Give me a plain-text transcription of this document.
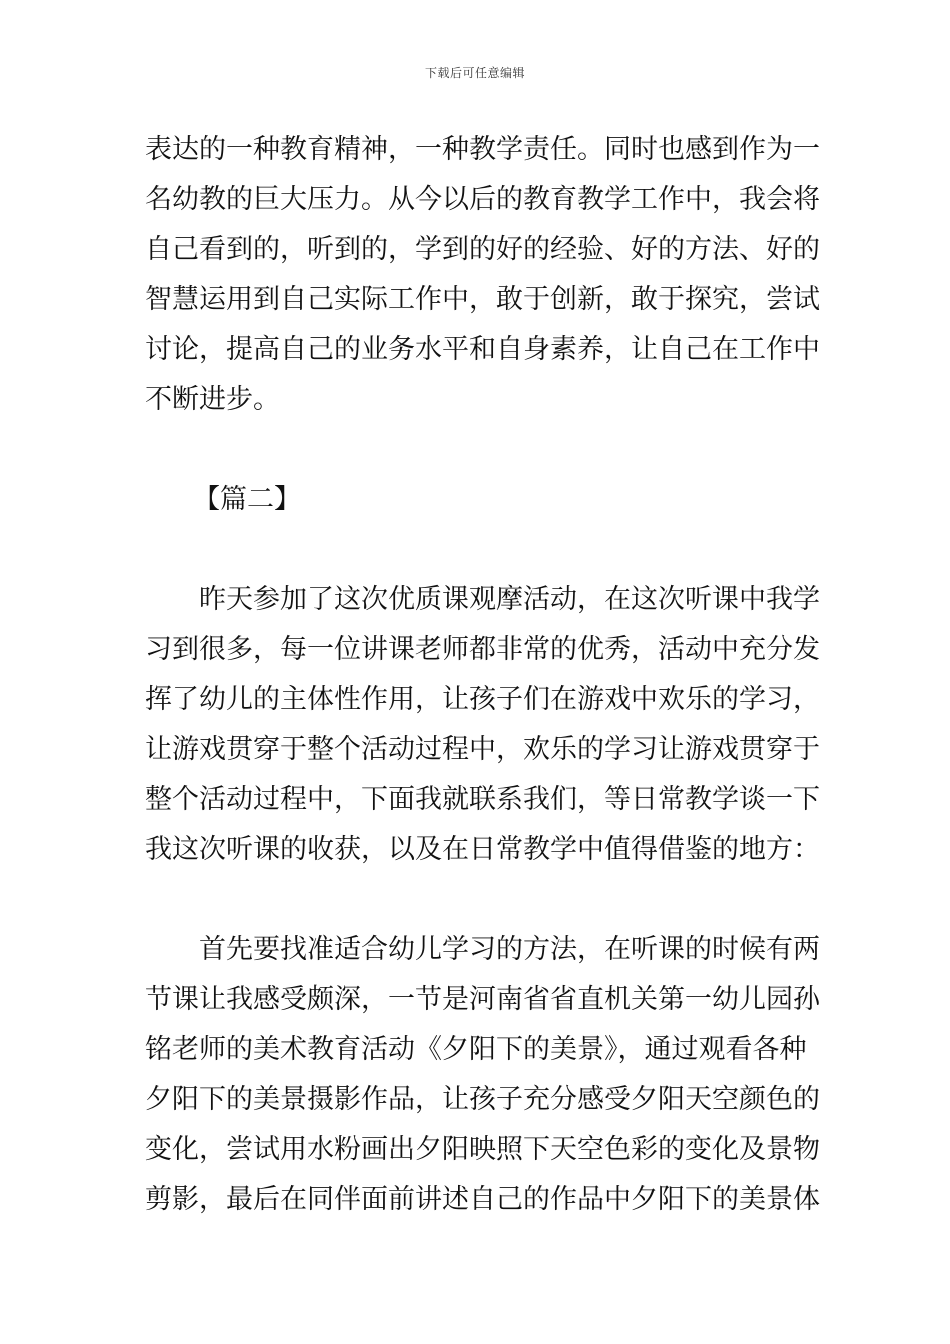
下载后可任意编辑
表达的一种教育精神，一种教学责任。同时也感到作为一
名幼教的巨大压力。从今以后的教育教学工作中，我会将
自己看到的，听到的，学到的好的经验、好的方法、好的
智慧运用到自己实际工作中，敢于创新，敢于探究，尝试
讨论，提高自己的业务水平和自身素养，让自己在工作中
不断进步。
【篇二】
昨天参加了这次优质课观摩活动，在这次听课中我学
习到很多，每一位讲课老师都非常的优秀，活动中充分发
挥了幼儿的主体性作用，让孩子们在游戏中欢乐的学习，
让游戏贯穿于整个活动过程中，欢乐的学习让游戏贯穿于
整个活动过程中，下面我就联系我们，等日常教学谈一下
我这次听课的收获，以及在日常教学中值得借鉴的地方：
首先要找准适合幼儿学习的方法，在听课的时候有两
节课让我感受颇深，一节是河南省省直机关第一幼儿园孙
铭老师的美术教育活动《夕阳下的美景》，通过观看各种
夕阳下的美景摄影作品，让孩子充分感受夕阳天空颜色的
变化，尝试用水粉画出夕阳映照下天空色彩的变化及景物
剪影，最后在同伴面前讲述自己的作品中夕阳下的美景体
